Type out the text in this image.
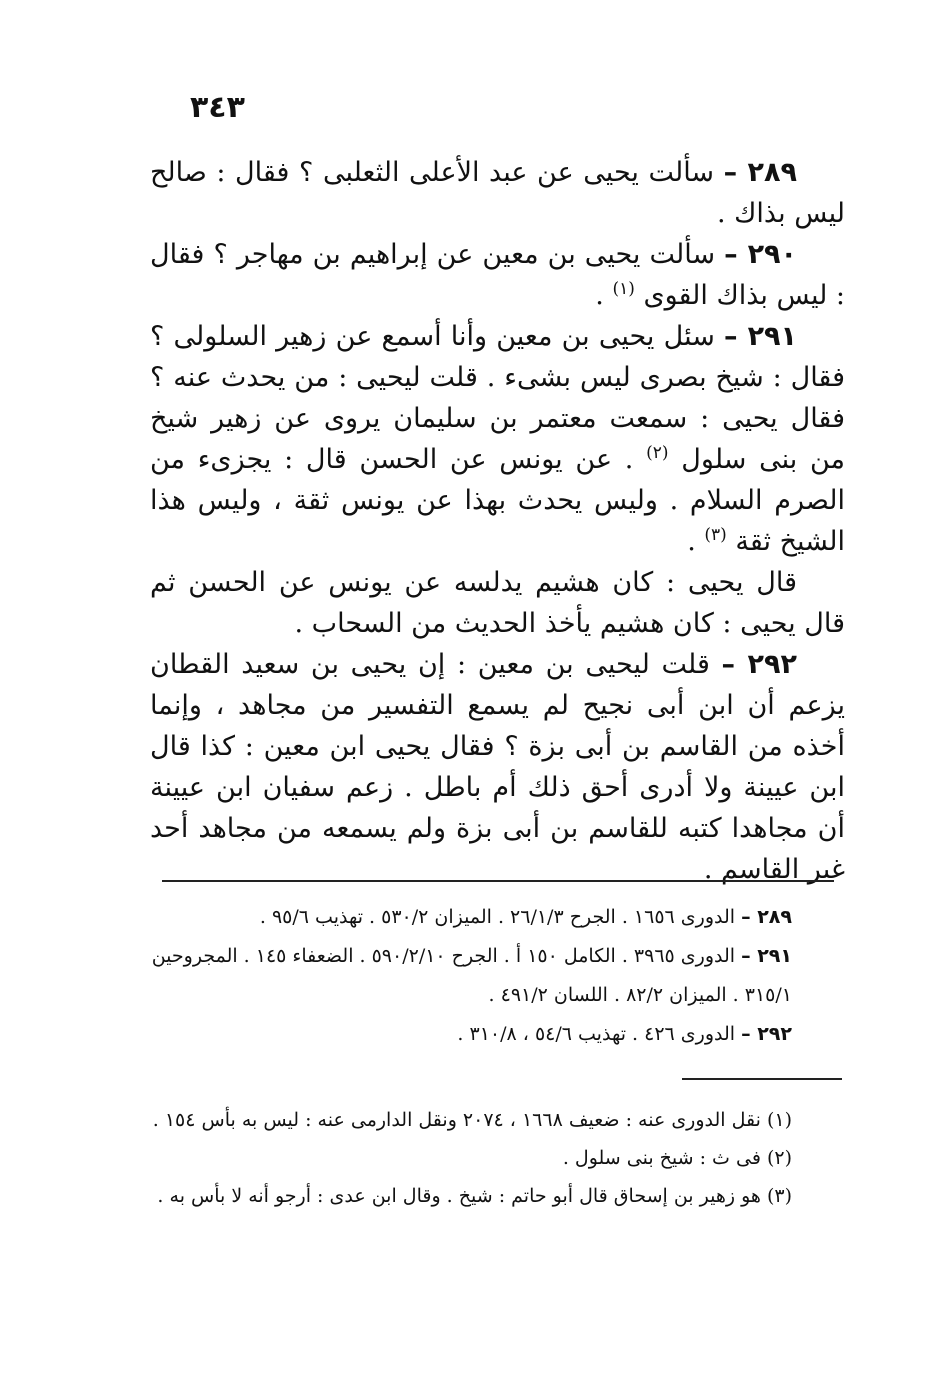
٣٤٣

٢٨٩ – سألت يحيى عن عبد الأعلى الثعلبى ؟ فقال : صالح ليس بذاك .

٢٩٠ – سألت يحيى بن معين عن إبراهيم بن مهاجر ؟ فقال : ليس بذاك القوى $^{(١)}$ .

٢٩١ – سئل يحيى بن معين وأنا أسمع عن زهير السلولى ؟ فقال : شيخ بصرى ليس بشىء . قلت ليحيى : من يحدث عنه ؟ فقال يحيى : سمعت معتمر بن سليمان يروى عن زهير شيخ من بنى سلول $^{(٢)}$ . عن يونس عن الحسن قال : يجزىء من الصرم السلام . وليس يحدث بهذا عن يونس ثقة ، وليس هذا الشيخ ثقة $^{(٣)}$ .

قال يحيى : كان هشيم يدلسه عن يونس عن الحسن ثم قال يحيى : كان هشيم يأخذ الحديث من السحاب .

٢٩٢ – قلت ليحيى بن معين : إن يحيى بن سعيد القطان يزعم أن ابن أبى نجيح لم يسمع التفسير من مجاهد ، وإنما أخذه من القاسم بن أبى بزة ؟ فقال يحيى ابن معين : كذا قال ابن عيينة ولا أدرى أحق ذلك أم باطل . زعم سفيان ابن عيينة أن مجاهدا كتبه للقاسم بن أبى بزة ولم يسمعه من مجاهد أحد غير القاسم .

٢٨٩ – الدورى ١٦٥٦ . الجرح ٢٦/١/٣ . الميزان ٥٣٠/٢ . تهذيب ٩٥/٦ .

٢٩١ – الدورى ٣٩٦٥ . الكامل ١٥٠ أ . الجرح ٥٩٠/٢/١٠ . الضعفاء ١٤٥ . المجروحين ٣١٥/١ . الميزان ٨٢/٢ . اللسان ٤٩١/٢ .

٢٩٢ – الدورى ٤٢٦ . تهذيب ٥٤/٦ ، ٣١٠/٨ .

(١) نقل الدورى عنه : ضعيف ١٦٦٨ ، ٢٠٧٤ ونقل الدارمى عنه : ليس به بأس ١٥٤ .

(٢) فى ث : شيخ بنى سلول .

(٣) هو زهير بن إسحاق قال أبو حاتم : شيخ . وقال ابن عدى : أرجو أنه لا بأس به .
